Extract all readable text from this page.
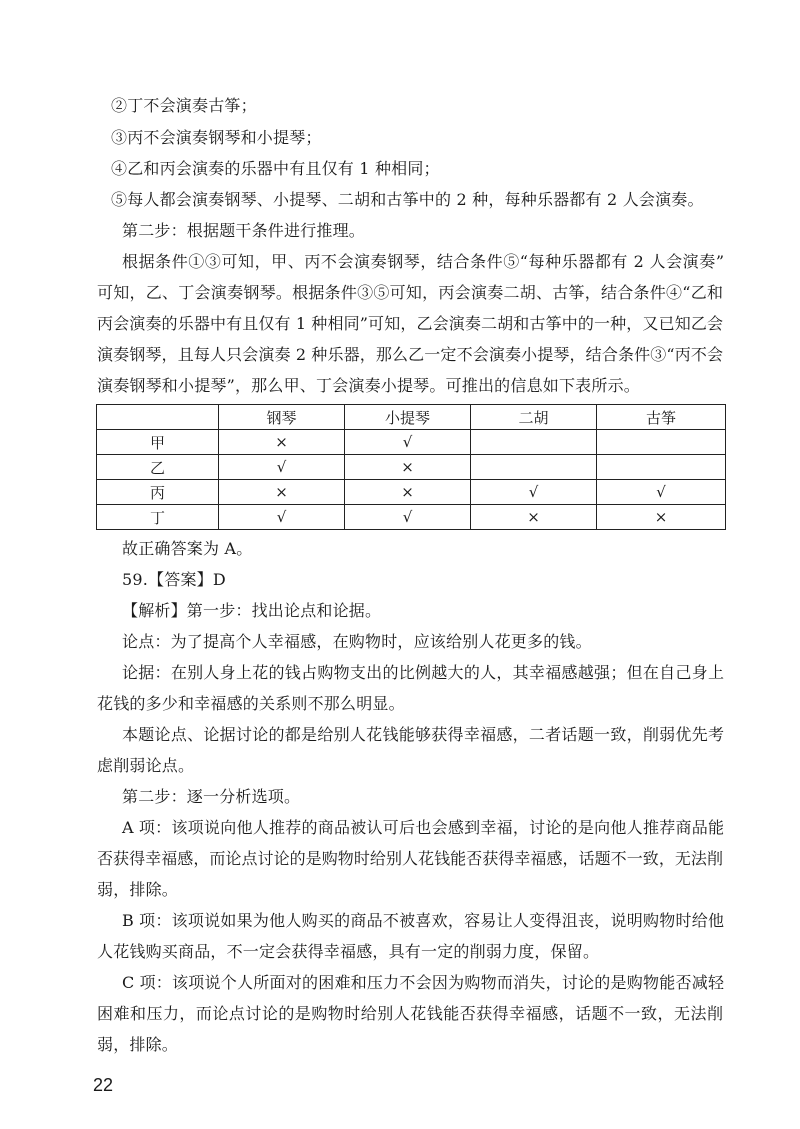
②丁不会演奏古筝；
③丙不会演奏钢琴和小提琴；
④乙和丙会演奏的乐器中有且仅有 1 种相同；
⑤每人都会演奏钢琴、小提琴、二胡和古筝中的 2 种，每种乐器都有 2 人会演奏。
第二步：根据题干条件进行推理。
根据条件①③可知，甲、丙不会演奏钢琴，结合条件⑤“每种乐器都有 2 人会演奏”
可知，乙、丁会演奏钢琴。根据条件③⑤可知，丙会演奏二胡、古筝，结合条件④“乙和
丙会演奏的乐器中有且仅有 1 种相同”可知，乙会演奏二胡和古筝中的一种，又已知乙会
演奏钢琴，且每人只会演奏 2 种乐器，那么乙一定不会演奏小提琴，结合条件③“丙不会
演奏钢琴和小提琴”，那么甲、丁会演奏小提琴。可推出的信息如下表所示。
	钢琴	小提琴	二胡	古筝
甲	×	√		
乙	√	×		
丙	×	×	√	√
丁	√	√	×	×
故正确答案为 A。
59.【答案】D
【解析】第一步：找出论点和论据。
论点：为了提高个人幸福感，在购物时，应该给别人花更多的钱。
论据：在别人身上花的钱占购物支出的比例越大的人，其幸福感越强；但在自己身上
花钱的多少和幸福感的关系则不那么明显。
本题论点、论据讨论的都是给别人花钱能够获得幸福感，二者话题一致，削弱优先考
虑削弱论点。
第二步：逐一分析选项。
A 项：该项说向他人推荐的商品被认可后也会感到幸福，讨论的是向他人推荐商品能
否获得幸福感，而论点讨论的是购物时给别人花钱能否获得幸福感，话题不一致，无法削
弱，排除。
B 项：该项说如果为他人购买的商品不被喜欢，容易让人变得沮丧，说明购物时给他
人花钱购买商品，不一定会获得幸福感，具有一定的削弱力度，保留。
C 项：该项说个人所面对的困难和压力不会因为购物而消失，讨论的是购物能否减轻
困难和压力，而论点讨论的是购物时给别人花钱能否获得幸福感，话题不一致，无法削
弱，排除。
22
